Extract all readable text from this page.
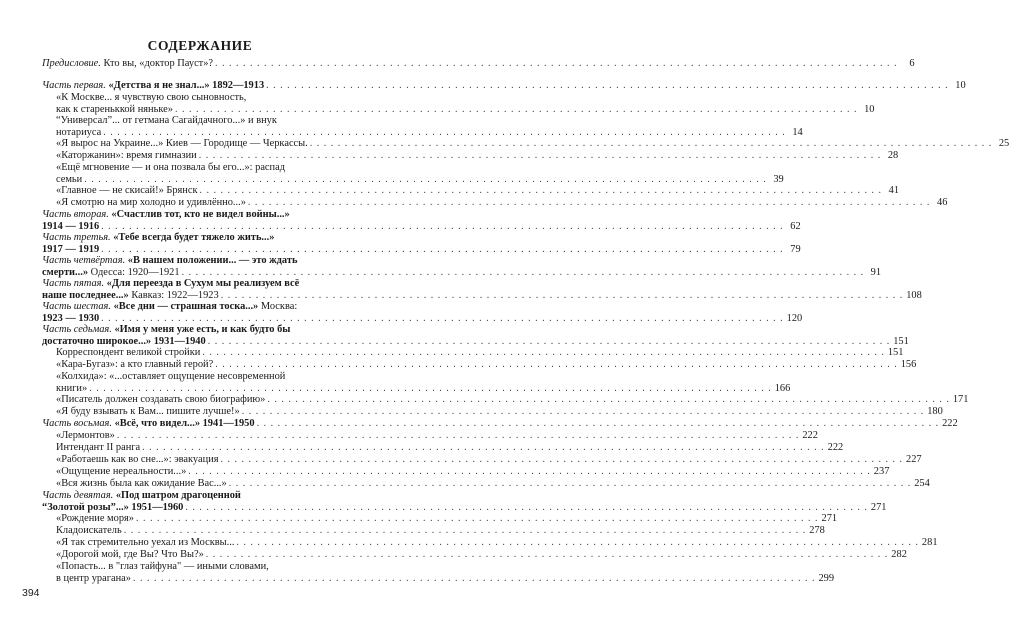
СОДЕРЖАНИЕ
Предисловие. Кто вы, «доктор Пауст»? . . .	6
Часть первая. «Детства я не знал...» 1892—1913 . . .	10
«К Москве... я чувствую свою сыновность,
как к стареньккой няньке» . . .	10
“Универсал”... от гетмана Сагайдачного...» и внук
нотариуса . . .	14
«Я вырос на Украине...» Киев — Городище — Черкассы. . . .	25
«Каторжанин»: время гимназии . . .	28
«Ещё мгновение — и она позвала бы его...»: распад
семьи . . .	39
«Главное — не скисай!» Брянск . . .	41
«Я смотрю на мир холодно и удивлённо...» . . .	46
Часть вторая. «Счастлив тот, кто не видел войны...»
1914 — 1916 . . .	62
Часть третья. «Тебе всегда будет тяжело жить...»
1917 — 1919 . . .	79
Часть четвёртая. «В нашем положении... — это ждать
смерти...» Одесса: 1920—1921 . . .	91
Часть пятая. «Для переезда в Сухум мы реализуем всё
наше последнее...» Кавказ: 1922—1923 . . .	108
Часть шестая. «Все дни — страшная тоска...» Москва:
1923 — 1930 . . .	120
Часть седьмая. «Имя у меня уже есть, и как будто бы
достаточно широкое...» 1931—1940 . . .	151
Корреспондент великой стройки . . .	151
«Кара-Бугаз»: а кто главный герой? . . .	156
«Колхида»: «...оставляет ощущение несовременной
книги» . . .	166
«Писатель должен создавать свою биографию» . . .	171
«Я буду взывать к Вам... пишите лучше!» . . .	180
Часть восьмая. «Всё, что видел...» 1941—1950 . . .	222
«Лермонтов» . . .	222
Интендант II ранга . . .	222
«Работаешь как во сне...»: эвакуация . . .	227
«Ощущение нереальности...» . . .	237
«Вся жизнь была как ожидание Вас...» . . .	254
Часть девятая. «Под шатром драгоценной
“Золотой розы”...» 1951—1960 . . .	271
«Рождение моря» . . .	271
Кладоискатель . . .	278
«Я так стремительно уехал из Москвы... . . .	281
«Дорогой мой, где Вы? Что Вы?» . . .	282
«Попасть... в "глаз тайфуна" — иными словами,
в центр урагана» . . .	299
394
